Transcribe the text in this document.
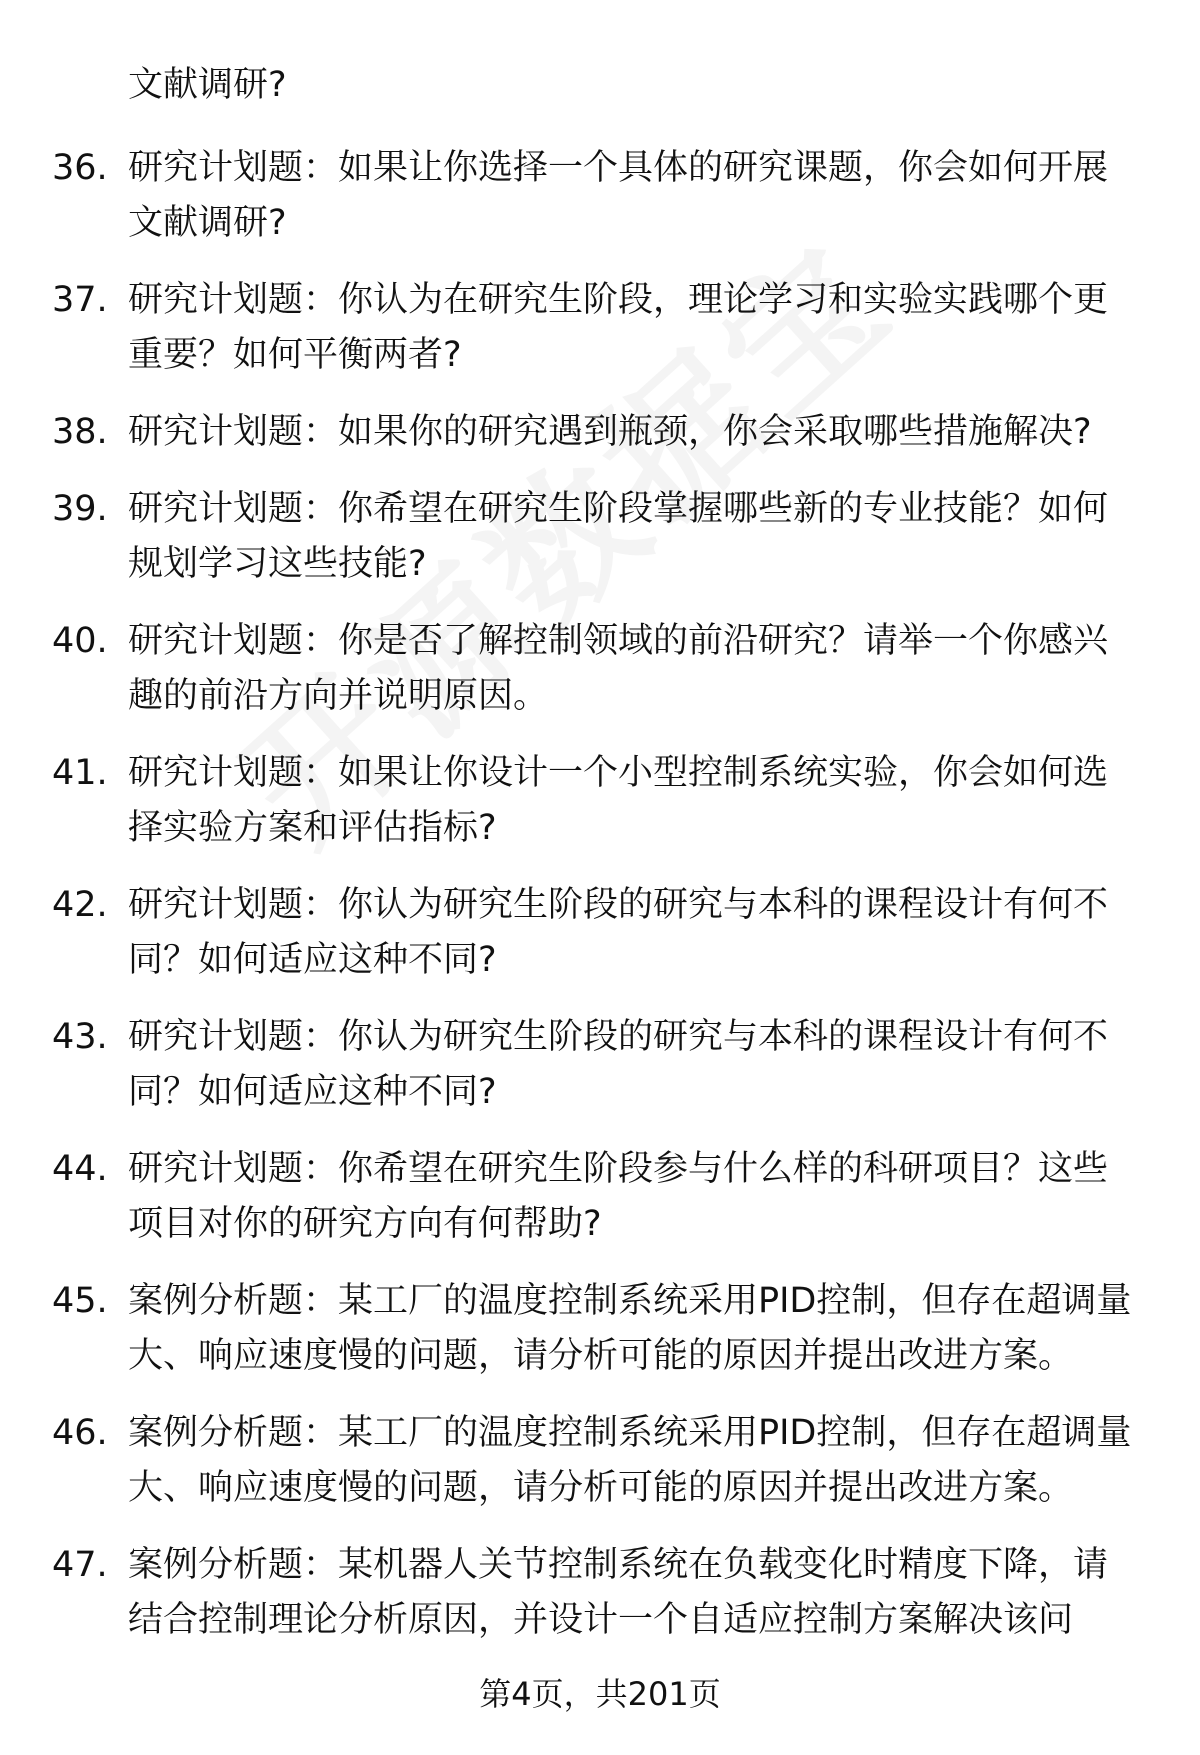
文献调研?
36. 研究计划题：如果让你选择一个具体的研究课题，你会如何开展文献调研?
37. 研究计划题：你认为在研究生阶段，理论学习和实验实践哪个更重要？如何平衡两者?
38. 研究计划题：如果你的研究遇到瓶颈，你会采取哪些措施解决?
39. 研究计划题：你希望在研究生阶段掌握哪些新的专业技能？如何规划学习这些技能?
40. 研究计划题：你是否了解控制领域的前沿研究？请举一个你感兴趣的前沿方向并说明原因。
41. 研究计划题：如果让你设计一个小型控制系统实验，你会如何选择实验方案和评估指标?
42. 研究计划题：你认为研究生阶段的研究与本科的课程设计有何不同？如何适应这种不同?
43. 研究计划题：你认为研究生阶段的研究与本科的课程设计有何不同？如何适应这种不同?
44. 研究计划题：你希望在研究生阶段参与什么样的科研项目？这些项目对你的研究方向有何帮助?
45. 案例分析题：某工厂的温度控制系统采用PID控制，但存在超调量大、响应速度慢的问题，请分析可能的原因并提出改进方案。
46. 案例分析题：某工厂的温度控制系统采用PID控制，但存在超调量大、响应速度慢的问题，请分析可能的原因并提出改进方案。
47. 案例分析题：某机器人关节控制系统在负载变化时精度下降，请结合控制理论分析原因，并设计一个自适应控制方案解决该问
第4页，共201页
